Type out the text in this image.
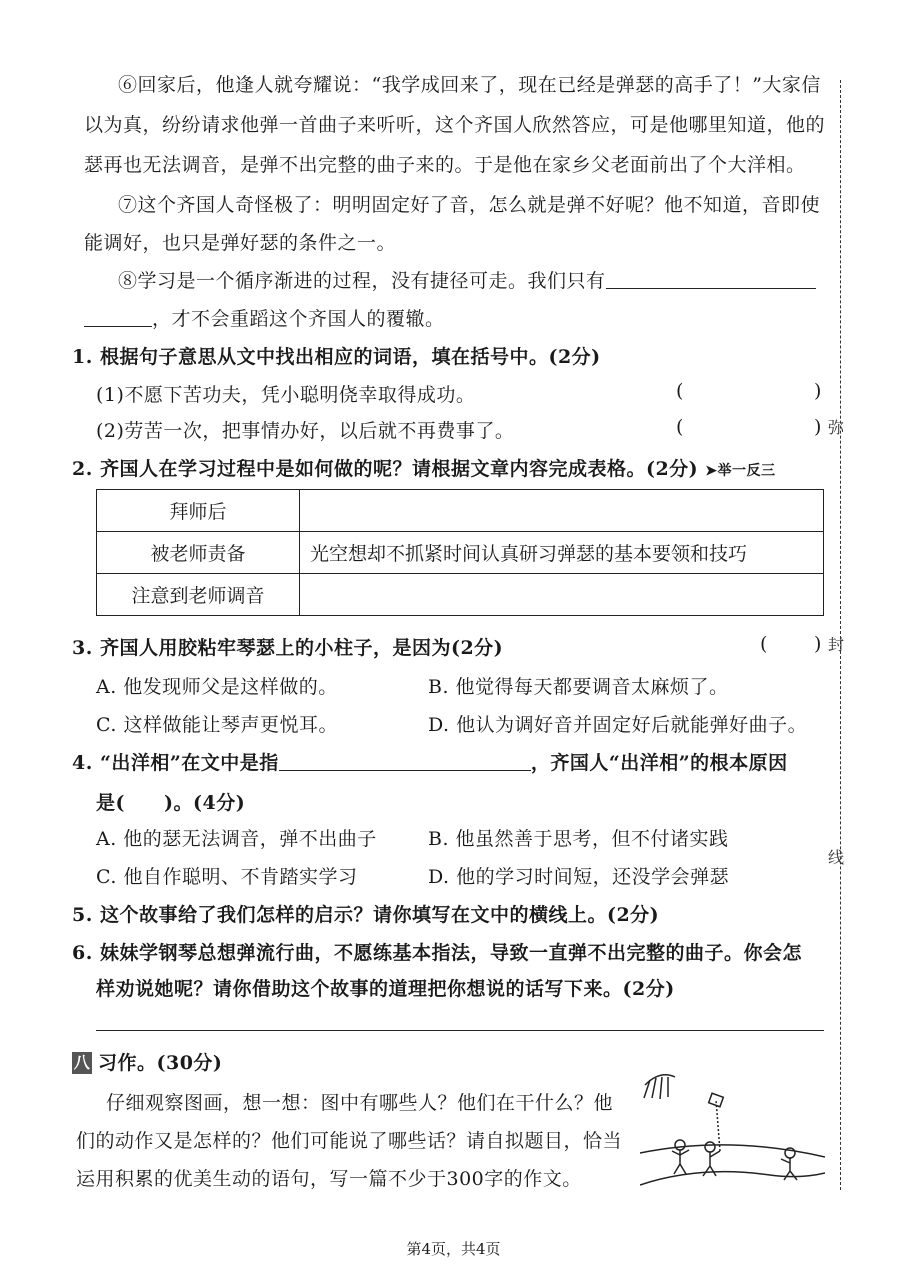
弥
封
线
⑥回家后，他逢人就夸耀说：“我学成回来了，现在已经是弹瑟的高手了！”大家信
以为真，纷纷请求他弹一首曲子来听听，这个齐国人欣然答应，可是他哪里知道，他的
瑟再也无法调音，是弹不出完整的曲子来的。于是他在家乡父老面前出了个大洋相。
⑦这个齐国人奇怪极了：明明固定好了音，怎么就是弹不好呢？他不知道，音即使
能调好，也只是弹好瑟的条件之一。
⑧学习是一个循序渐进的过程，没有捷径可走。我们只有
，才不会重蹈这个齐国人的覆辙。
1. 根据句子意思从文中找出相应的词语，填在括号中。(2分)
(1)不愿下苦功夫，凭小聪明侥幸取得成功。	(	)
(2)劳苦一次，把事情办好，以后就不再费事了。	(	)
2. 齐国人在学习过程中是如何做的呢？请根据文章内容完成表格。(2分) ➤举一反三
拜师后	
被老师责备	光空想却不抓紧时间认真研习弹瑟的基本要领和技巧
注意到老师调音	
3. 齐国人用胶粘牢琴瑟上的小柱子，是因为(2分)	( )
A. 他发现师父是这样做的。	B. 他觉得每天都要调音太麻烦了。
C. 这样做能让琴声更悦耳。	D. 他认为调好音并固定好后就能弹好曲子。
4. “出洋相”在文中是指	，齐国人“出洋相”的根本原因
是(　　)。(4分)
A. 他的瑟无法调音，弹不出曲子	B. 他虽然善于思考，但不付诸实践
C. 他自作聪明、不肯踏实学习	D. 他的学习时间短，还没学会弹瑟
5. 这个故事给了我们怎样的启示？请你填写在文中的横线上。(2分)
6. 妹妹学钢琴总想弹流行曲，不愿练基本指法，导致一直弹不出完整的曲子。你会怎
样劝说她呢？请你借助这个故事的道理把你想说的话写下来。(2分)
八 习作。(30分)
仔细观察图画，想一想：图中有哪些人？他们在干什么？他
们的动作又是怎样的？他们可能说了哪些话？请自拟题目，恰当
运用积累的优美生动的语句，写一篇不少于300字的作文。
第4页，共4页
